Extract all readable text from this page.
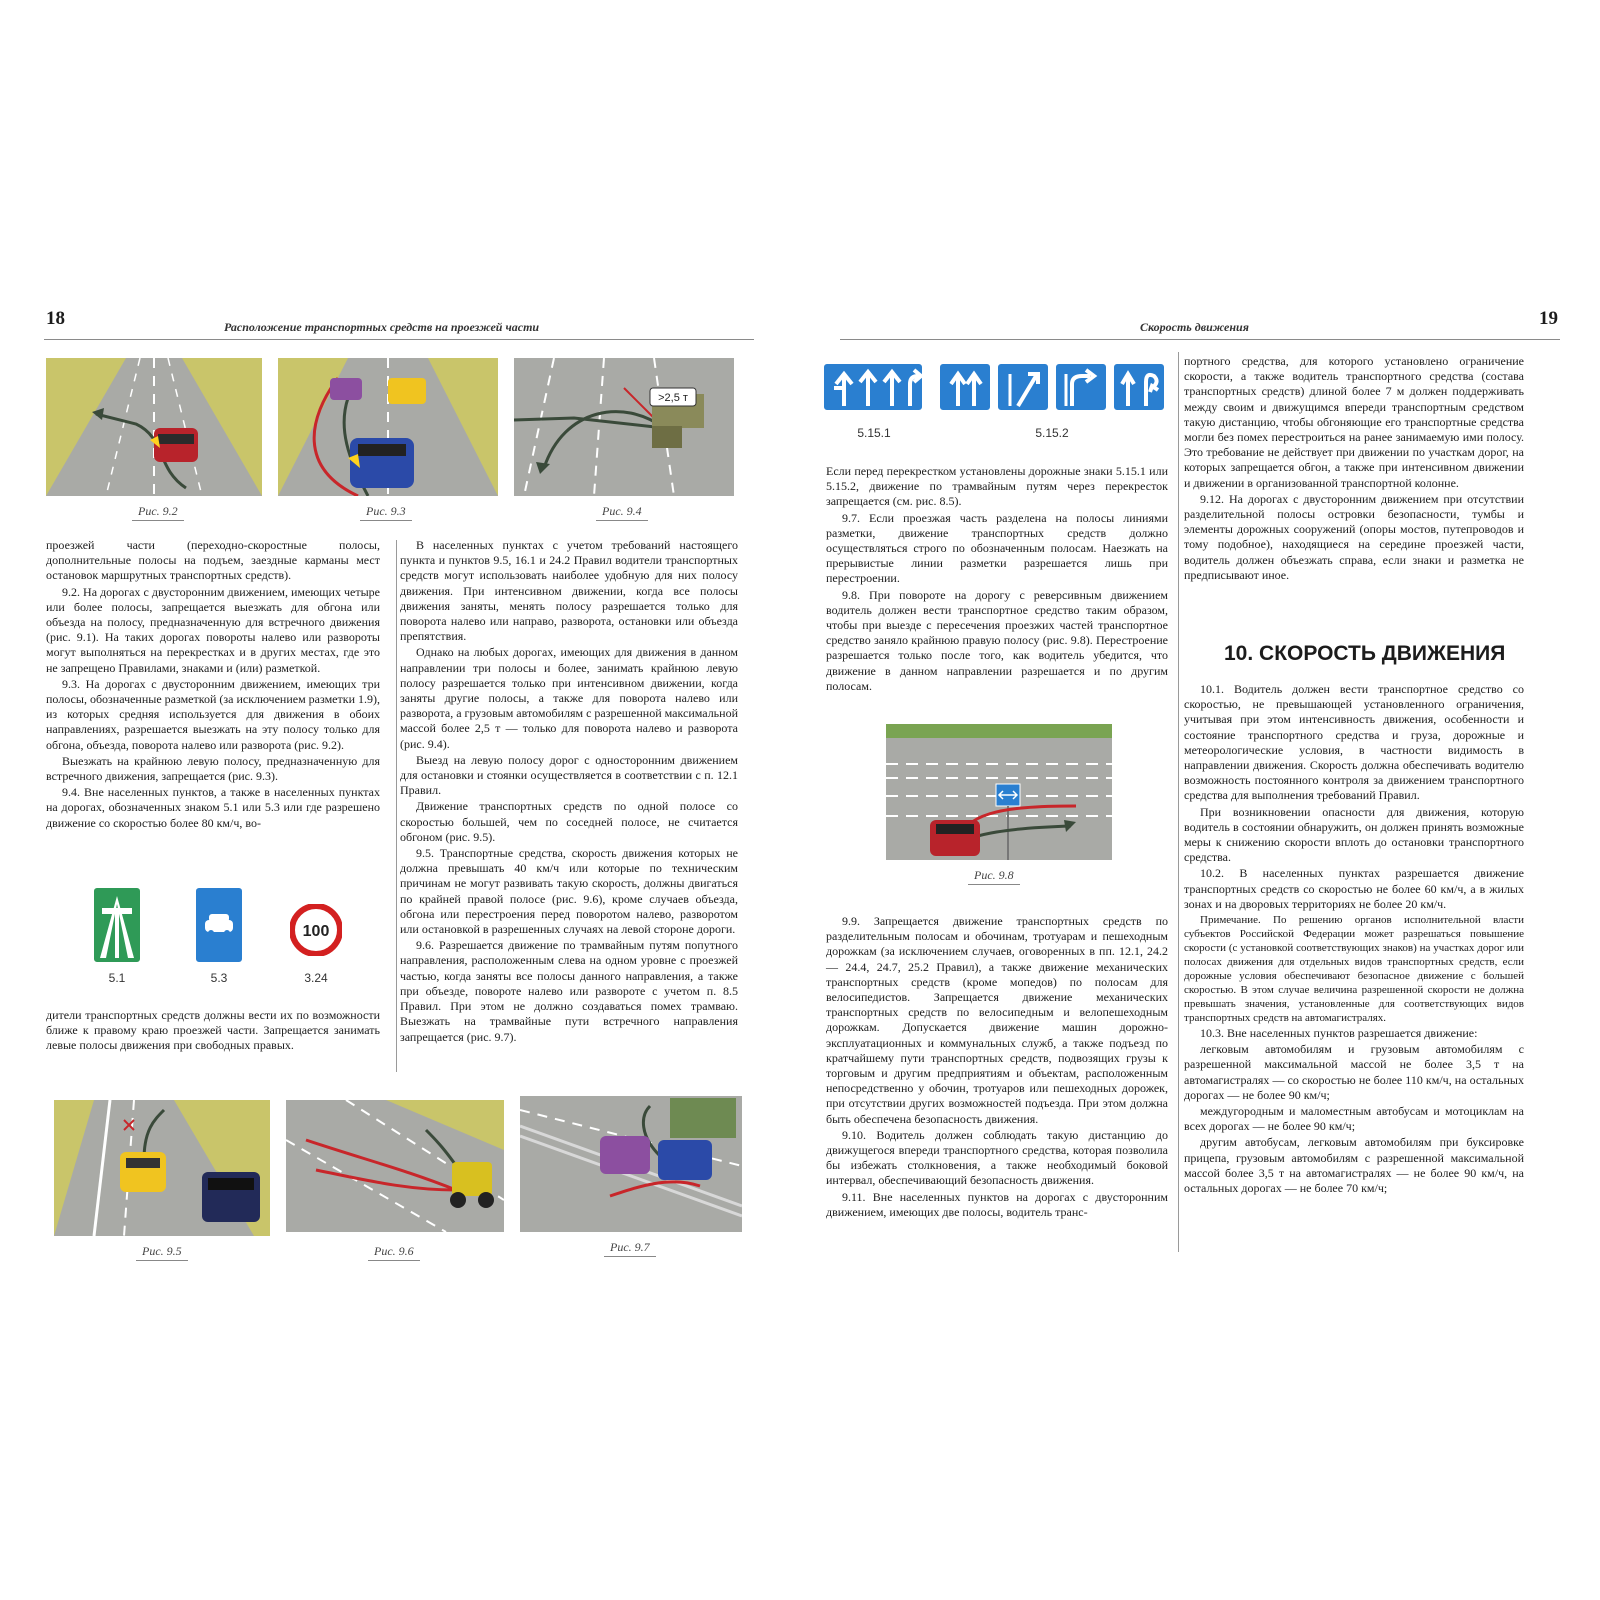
18	Расположение транспортных средств на проезжей части
Рис. 9.2	Рис. 9.3
>2,5 т
Рис. 9.4

проезжей части (переходно-скоростные полосы, дополнительные полосы на подъем, заездные карманы мест остановок маршрутных транспортных средств).

9.2. На дорогах с двусторонним движением, имеющих четыре или более полосы, запрещается выезжать для обгона или объезда на полосу, предназначенную для встречного движения (рис. 9.1). На таких дорогах повороты налево или развороты могут выполняться на перекрестках и в других местах, где это не запрещено Правилами, знаками и (или) разметкой.

9.3. На дорогах с двусторонним движением, имеющих три полосы, обозначенные разметкой (за исключением разметки 1.9), из которых средняя используется для движения в обоих направлениях, разрешается выезжать на эту полосу только для обгона, объезда, поворота налево или разворота (рис. 9.2).

Выезжать на крайнюю левую полосу, предназначенную для встречного движения, запрещается (рис. 9.3).

9.4. Вне населенных пунктов, а также в населенных пунктах на дорогах, обозначенных знаком 5.1 или 5.3 или где разрешено движение со скоростью более 80 км/ч, во-

5.1	5.3
100
3.24

дители транспортных средств должны вести их по возможности ближе к правому краю проезжей части. Запрещается занимать левые полосы движения при свободных правых.

В населенных пунктах с учетом требований настоящего пункта и пунктов 9.5, 16.1 и 24.2 Правил водители транспортных средств могут использовать наиболее удобную для них полосу движения. При интенсивном движении, когда все полосы движения заняты, менять полосу разрешается только для поворота налево или направо, разворота, остановки или объезда препятствия.

Однако на любых дорогах, имеющих для движения в данном направлении три полосы и более, занимать крайнюю левую полосу разрешается только при интенсивном движении, когда заняты другие полосы, а также для поворота налево или разворота, а грузовым автомобилям с разрешенной максимальной массой более 2,5 т — только для поворота налево и разворота (рис. 9.4).

Выезд на левую полосу дорог с односторонним движением для остановки и стоянки осуществляется в соответствии с п. 12.1 Правил.

Движение транспортных средств по одной полосе со скоростью большей, чем по соседней полосе, не считается обгоном (рис. 9.5).

9.5. Транспортные средства, скорость движения которых не должна превышать 40 км/ч или которые по техническим причинам не могут развивать такую скорость, должны двигаться по крайней правой полосе (рис. 9.6), кроме случаев объезда, обгона или перестроения перед поворотом налево, разворотом или остановкой в разрешенных случаях на левой стороне дороги.

9.6. Разрешается движение по трамвайным путям попутного направления, расположенным слева на одном уровне с проезжей частью, когда заняты все полосы данного направления, а также при объезде, повороте налево или развороте с учетом п. 8.5 Правил. При этом не должно создаваться помех трамваю. Выезжать на трамвайные пути встречного направления запрещается (рис. 9.7).

Рис. 9.5	Рис. 9.6	Рис. 9.7
Скорость движения	19
5.15.1	5.15.2

Если перед перекрестком установлены дорожные знаки 5.15.1 или 5.15.2, движение по трамвайным путям через перекресток запрещается (см. рис. 8.5).

9.7. Если проезжая часть разделена на полосы линиями разметки, движение транспортных средств должно осуществляться строго по обозначенным полосам. Наезжать на прерывистые линии разметки разрешается лишь при перестроении.

9.8. При повороте на дорогу с реверсивным движением водитель должен вести транспортное средство таким образом, чтобы при выезде с пересечения проезжих частей транспортное средство заняло крайнюю правую полосу (рис. 9.8). Перестроение разрешается только после того, как водитель убедится, что движение в данном направлении разрешается и по другим полосам.

Рис. 9.8

9.9. Запрещается движение транспортных средств по разделительным полосам и обочинам, тротуарам и пешеходным дорожкам (за исключением случаев, оговоренных в пп. 12.1, 24.2 — 24.4, 24.7, 25.2 Правил), а также движение механических транспортных средств (кроме мопедов) по полосам для велосипедистов. Запрещается движение механических транспортных средств по велосипедным и велопешеходным дорожкам. Допускается движение машин дорожно-эксплуатационных и коммунальных служб, а также подъезд по кратчайшему пути транспортных средств, подвозящих грузы к торговым и другим предприятиям и объектам, расположенным непосредственно у обочин, тротуаров или пешеходных дорожек, при отсутствии других возможностей подъезда. При этом должна быть обеспечена безопасность движения.

9.10. Водитель должен соблюдать такую дистанцию до движущегося впереди транспортного средства, которая позволила бы избежать столкновения, а также необходимый боковой интервал, обеспечивающий безопасность движения.

9.11. Вне населенных пунктов на дорогах с двусторонним движением, имеющих две полосы, водитель транс-

портного средства, для которого установлено ограничение скорости, а также водитель транспортного средства (состава транспортных средств) длиной более 7 м должен поддерживать между своим и движущимся впереди транспортным средством такую дистанцию, чтобы обгоняющие его транспортные средства могли без помех перестроиться на ранее занимаемую ими полосу. Это требование не действует при движении по участкам дорог, на которых запрещается обгон, а также при интенсивном движении и движении в организованной транспортной колонне.

9.12. На дорогах с двусторонним движением при отсутствии разделительной полосы островки безопасности, тумбы и элементы дорожных сооружений (опоры мостов, путепроводов и тому подобное), находящиеся на середине проезжей части, водитель должен объезжать справа, если знаки и разметка не предписывают иное.

10. СКОРОСТЬ ДВИЖЕНИЯ

10.1. Водитель должен вести транспортное средство со скоростью, не превышающей установленного ограничения, учитывая при этом интенсивность движения, особенности и состояние транспортного средства и груза, дорожные и метеорологические условия, в частности видимость в направлении движения. Скорость должна обеспечивать водителю возможность постоянного контроля за движением транспортного средства для выполнения требований Правил.

При возникновении опасности для движения, которую водитель в состоянии обнаружить, он должен принять возможные меры к снижению скорости вплоть до остановки транспортного средства.

10.2. В населенных пунктах разрешается движение транспортных средств со скоростью не более 60 км/ч, а в жилых зонах и на дворовых территориях не более 20 км/ч.

Примечание. По решению органов исполнительной власти субъектов Российской Федерации может разрешаться повышение скорости (с установкой соответствующих знаков) на участках дорог или полосах движения для отдельных видов транспортных средств, если дорожные условия обеспечивают безопасное движение с большей скоростью. В этом случае величина разрешенной скорости не должна превышать значения, установленные для соответствующих видов транспортных средств на автомагистралях.

10.3. Вне населенных пунктов разрешается движение:

легковым автомобилям и грузовым автомобилям с разрешенной максимальной массой не более 3,5 т на автомагистралях — со скоростью не более 110 км/ч, на остальных дорогах — не более 90 км/ч;

междугородным и маломестным автобусам и мотоциклам на всех дорогах — не более 90 км/ч;

другим автобусам, легковым автомобилям при буксировке прицепа, грузовым автомобилям с разрешенной максимальной массой более 3,5 т на автомагистралях — не более 90 км/ч, на остальных дорогах — не более 70 км/ч;
